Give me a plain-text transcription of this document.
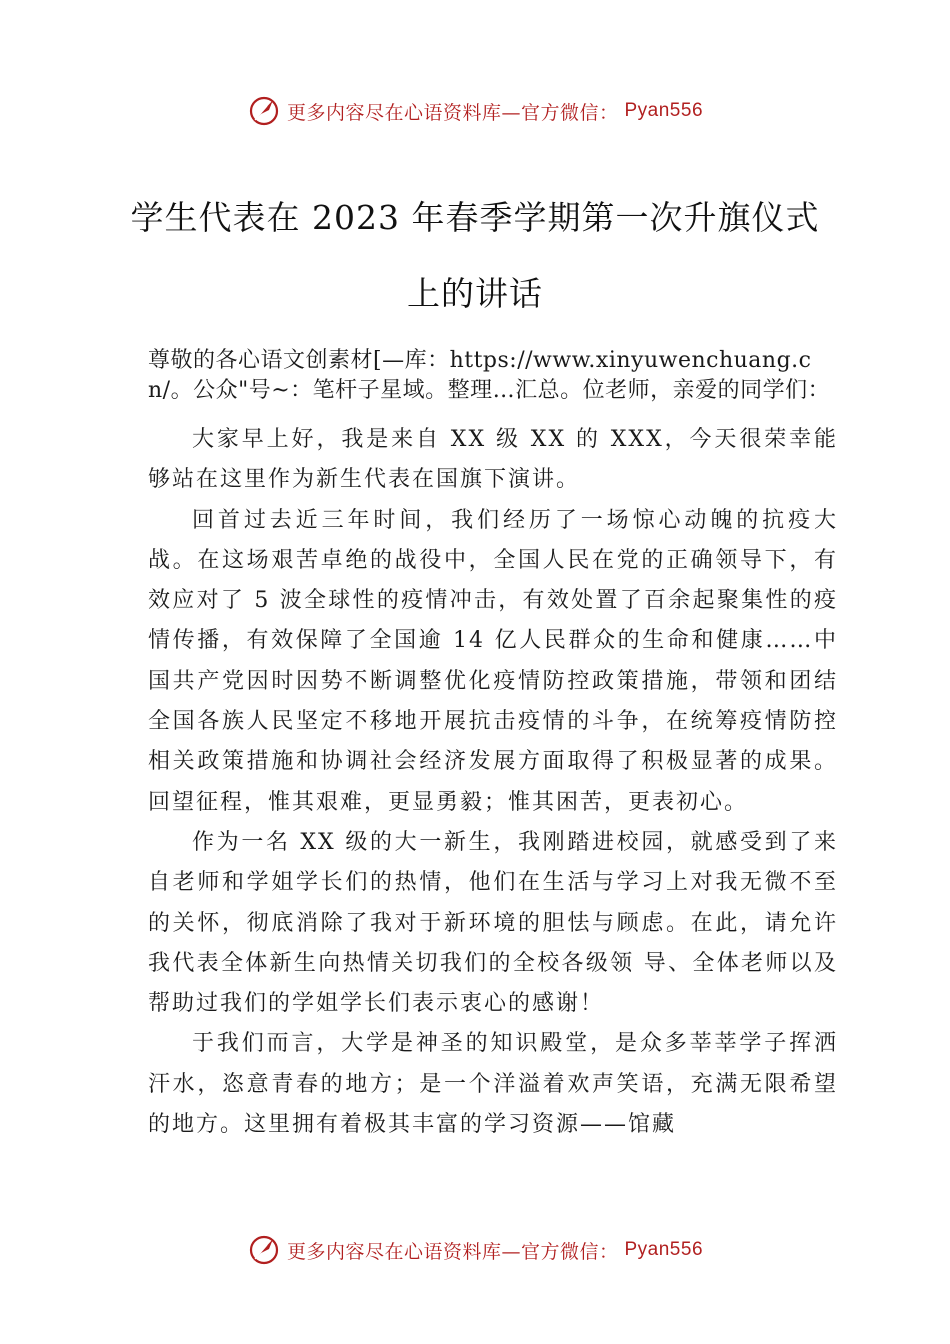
更多内容尽在心语资料库—官方微信： Pyan556
学生代表在 2023 年春季学期第一次升旗仪式上的讲话

尊敬的各心语文创素材[—库：https://www.xinyuwenchuang.cn/。公众"号~：笔杆子星域。整理…汇总。位老师，亲爱的同学们：

大家早上好，我是来自 XX 级 XX 的 XXX，今天很荣幸能够站在这里作为新生代表在国旗下演讲。

回首过去近三年时间，我们经历了一场惊心动魄的抗疫大战。在这场艰苦卓绝的战役中，全国人民在党的正确领导下，有效应对了 5 波全球性的疫情冲击，有效处置了百余起聚集性的疫情传播，有效保障了全国逾 14 亿人民群众的生命和健康……中国共产党因时因势不断调整优化疫情防控政策措施，带领和团结全国各族人民坚定不移地开展抗击疫情的斗争，在统筹疫情防控相关政策措施和协调社会经济发展方面取得了积极显著的成果。回望征程，惟其艰难，更显勇毅；惟其困苦，更表初心。

作为一名 XX 级的大一新生，我刚踏进校园，就感受到了来自老师和学姐学长们的热情，他们在生活与学习上对我无微不至的关怀，彻底消除了我对于新环境的胆怯与顾虑。在此，请允许我代表全体新生向热情关切我们的全校各级领 导、全体老师以及帮助过我们的学姐学长们表示衷心的感谢！

于我们而言，大学是神圣的知识殿堂，是众多莘莘学子挥洒汗水，恣意青春的地方；是一个洋溢着欢声笑语，充满无限希望的地方。这里拥有着极其丰富的学习资源——馆藏

更多内容尽在心语资料库—官方微信： Pyan556
